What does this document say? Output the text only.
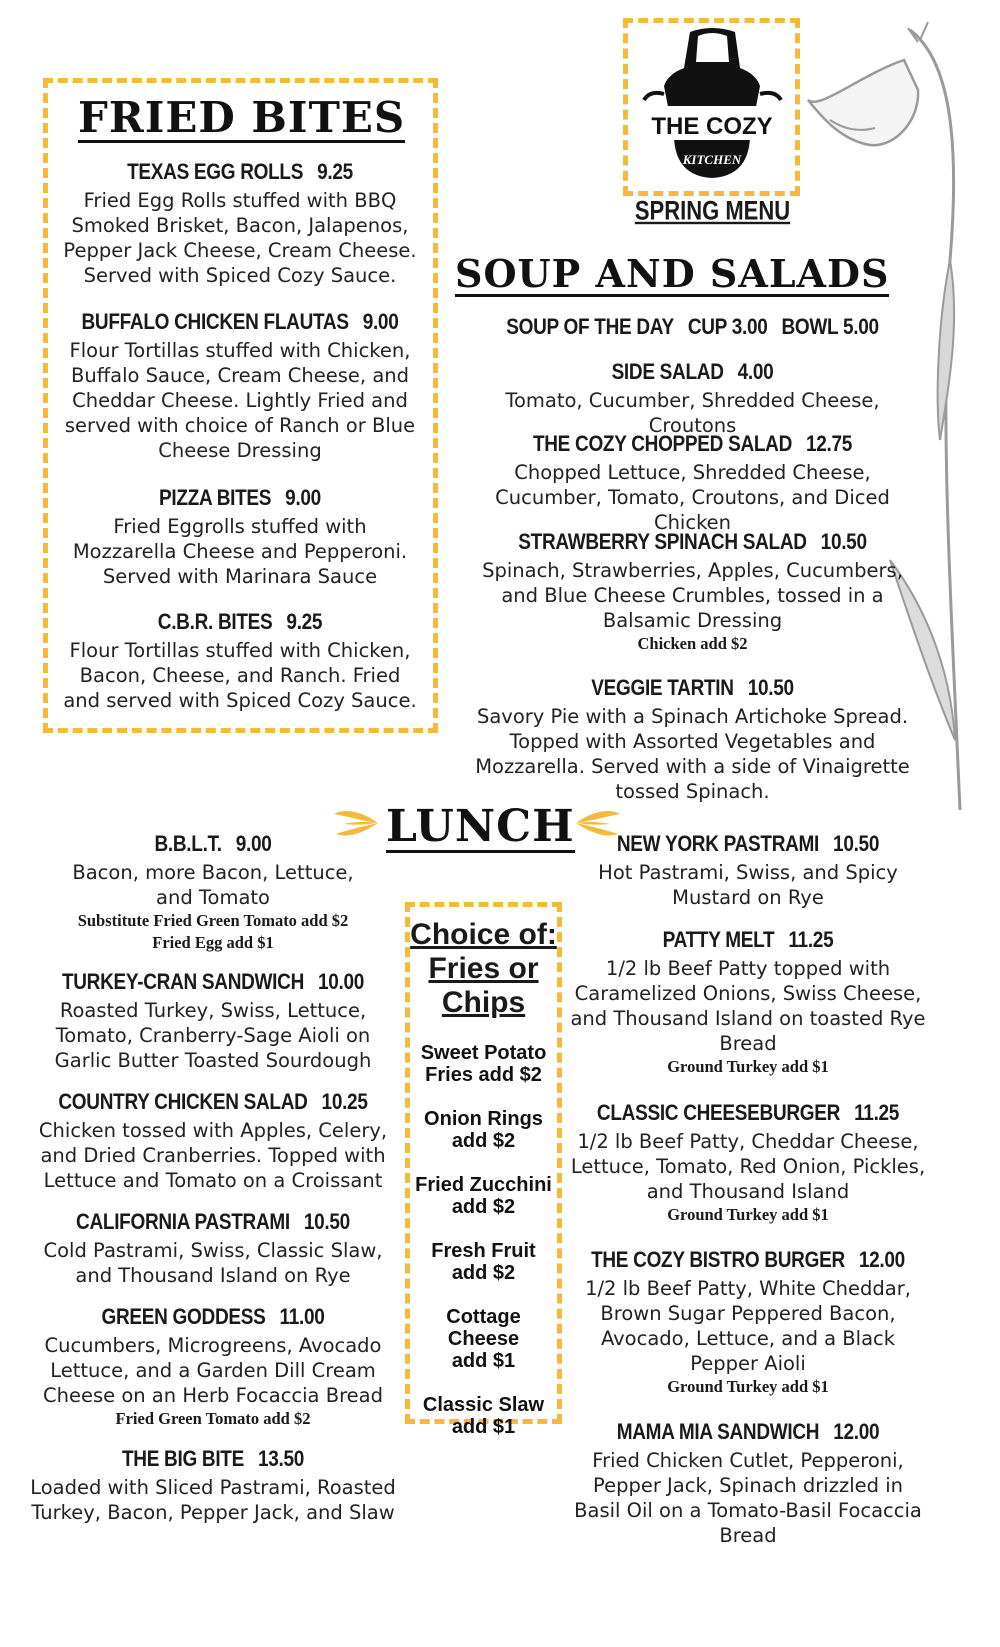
THE COZY
KITCHEN
SPRING MENU
FRIED BITES
TEXAS EGG ROLLS 9.25
Fried Egg Rolls stuffed with BBQ Smoked Brisket, Bacon, Jalapenos, Pepper Jack Cheese, Cream Cheese. Served with Spiced Cozy Sauce.
BUFFALO CHICKEN FLAUTAS 9.00
Flour Tortillas stuffed with Chicken, Buffalo Sauce, Cream Cheese, and Cheddar Cheese. Lightly Fried and served with choice of Ranch or Blue Cheese Dressing
PIZZA BITES 9.00
Fried Eggrolls stuffed with Mozzarella Cheese and Pepperoni. Served with Marinara Sauce
C.B.R. BITES 9.25
Flour Tortillas stuffed with Chicken, Bacon, Cheese, and Ranch. Fried and served with Spiced Cozy Sauce.
SOUP AND SALADS
SOUP OF THE DAY CUP 3.00 BOWL 5.00
SIDE SALAD 4.00
Tomato, Cucumber, Shredded Cheese, Croutons
THE COZY CHOPPED SALAD 12.75
Chopped Lettuce, Shredded Cheese, Cucumber, Tomato, Croutons, and Diced Chicken
STRAWBERRY SPINACH SALAD 10.50
Spinach, Strawberries, Apples, Cucumbers, and Blue Cheese Crumbles, tossed in a Balsamic Dressing
Chicken add $2
VEGGIE TARTIN 10.50
Savory Pie with a Spinach Artichoke Spread. Topped with Assorted Vegetables and Mozzarella. Served with a side of Vinaigrette tossed Spinach.
LUNCH
B.B.L.T. 9.00
Bacon, more Bacon, Lettuce, and Tomato
Substitute Fried Green Tomato add $2
Fried Egg add $1
TURKEY-CRAN SANDWICH 10.00
Roasted Turkey, Swiss, Lettuce, Tomato, Cranberry-Sage Aioli on Garlic Butter Toasted Sourdough
COUNTRY CHICKEN SALAD 10.25
Chicken tossed with Apples, Celery, and Dried Cranberries. Topped with Lettuce and Tomato on a Croissant
CALIFORNIA PASTRAMI 10.50
Cold Pastrami, Swiss, Classic Slaw, and Thousand Island on Rye
GREEN GODDESS 11.00
Cucumbers, Microgreens, Avocado Lettuce, and a Garden Dill Cream Cheese on an Herb Focaccia Bread
Fried Green Tomato add $2
THE BIG BITE 13.50
Loaded with Sliced Pastrami, Roasted Turkey, Bacon, Pepper Jack, and Slaw
Choice of:
Fries or
Chips
Sweet Potato
Fries add $2
Onion Rings
add $2
Fried Zucchini
add $2
Fresh Fruit
add $2
Cottage Cheese
add $1
Classic Slaw
add $1
NEW YORK PASTRAMI 10.50
Hot Pastrami, Swiss, and Spicy Mustard on Rye
PATTY MELT 11.25
1/2 lb Beef Patty topped with Caramelized Onions, Swiss Cheese, and Thousand Island on toasted Rye Bread
Ground Turkey add $1
CLASSIC CHEESEBURGER 11.25
1/2 lb Beef Patty, Cheddar Cheese, Lettuce, Tomato, Red Onion, Pickles, and Thousand Island
Ground Turkey add $1
THE COZY BISTRO BURGER 12.00
1/2 lb Beef Patty, White Cheddar, Brown Sugar Peppered Bacon, Avocado, Lettuce, and a Black Pepper Aioli
Ground Turkey add $1
MAMA MIA SANDWICH 12.00
Fried Chicken Cutlet, Pepperoni, Pepper Jack, Spinach drizzled in Basil Oil on a Tomato-Basil Focaccia Bread
